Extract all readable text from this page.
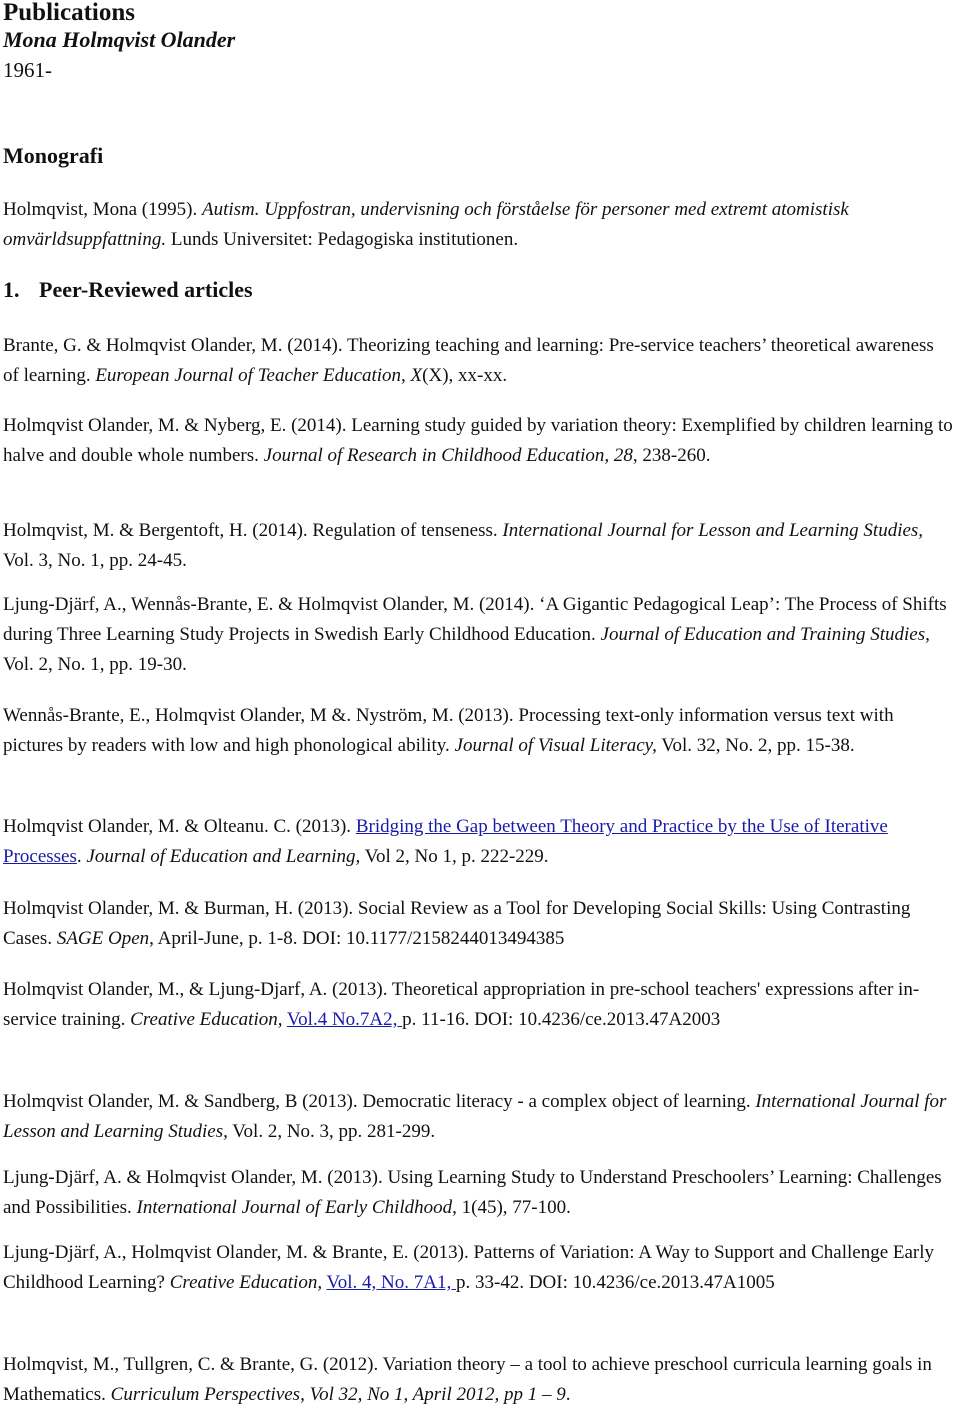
Publications
Mona Holmqvist Olander
1961-
Monografi

Holmqvist, Mona (1995). Autism. Uppfostran, undervisning och förståelse för personer med extremt atomistisk omvärldsuppfattning. Lunds Universitet: Pedagogiska institutionen.

1. Peer-Reviewed articles

Brante, G. & Holmqvist Olander, M. (2014). Theorizing teaching and learning: Pre-service teachers’ theoretical awareness of learning. European Journal of Teacher Education, X(X), xx-xx.

Holmqvist Olander, M. & Nyberg, E. (2014). Learning study guided by variation theory: Exemplified by children learning to halve and double whole numbers. Journal of Research in Childhood Education, 28, 238-260.

Holmqvist, M. & Bergentoft, H. (2014). Regulation of tenseness. International Journal for Lesson and Learning Studies, Vol. 3, No. 1, pp. 24-45.

Ljung-Djärf, A., Wennås-Brante, E. & Holmqvist Olander, M. (2014). ‘A Gigantic Pedagogical Leap’: The Process of Shifts during Three Learning Study Projects in Swedish Early Childhood Education. Journal of Education and Training Studies, Vol. 2, No. 1, pp. 19-30.

Wennås-Brante, E., Holmqvist Olander, M &. Nyström, M. (2013). Processing text-only information versus text with pictures by readers with low and high phonological ability. Journal of Visual Literacy, Vol. 32, No. 2, pp. 15-38.

Holmqvist Olander, M. & Olteanu. C. (2013). Bridging the Gap between Theory and Practice by the Use of Iterative Processes. Journal of Education and Learning, Vol 2, No 1, p. 222-229.

Holmqvist Olander, M. & Burman, H. (2013). Social Review as a Tool for Developing Social Skills: Using Contrasting Cases. SAGE Open, April-June, p. 1-8. DOI: 10.1177/2158244013494385

Holmqvist Olander, M., & Ljung-Djarf, A. (2013). Theoretical appropriation in pre-school teachers' expressions after in-service training. Creative Education, Vol.4 No.7A2, p. 11-16. DOI: 10.4236/ce.2013.47A2003

Holmqvist Olander, M. & Sandberg, B (2013). Democratic literacy - a complex object of learning. International Journal for Lesson and Learning Studies, Vol. 2, No. 3, pp. 281-299.

Ljung-Djärf, A. & Holmqvist Olander, M. (2013). Using Learning Study to Understand Preschoolers’ Learning: Challenges and Possibilities. International Journal of Early Childhood, 1(45), 77-100.

Ljung-Djärf, A., Holmqvist Olander, M. & Brante, E. (2013). Patterns of Variation: A Way to Support and Challenge Early Childhood Learning? Creative Education, Vol. 4, No. 7A1, p. 33-42. DOI: 10.4236/ce.2013.47A1005

Holmqvist, M., Tullgren, C. & Brante, G. (2012). Variation theory – a tool to achieve preschool curricula learning goals in Mathematics. Curriculum Perspectives, Vol 32, No 1, April 2012, pp 1 – 9.
